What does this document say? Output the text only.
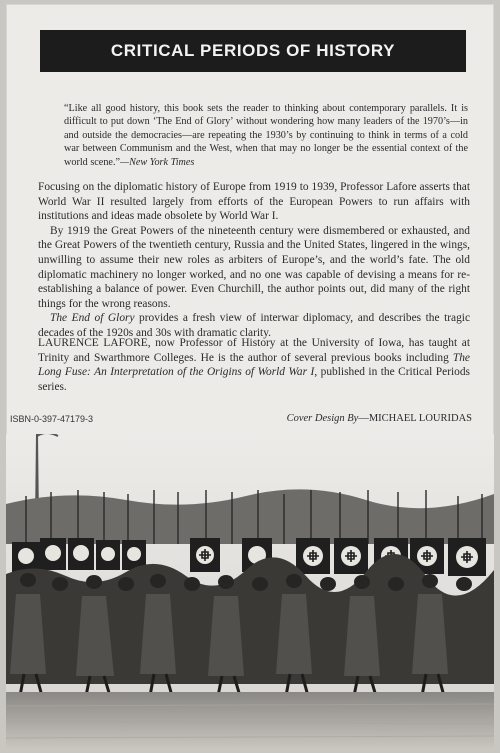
CRITICAL PERIODS OF HISTORY
“Like all good history, this book sets the reader to thinking about contemporary parallels. It is difficult to put down ‘The End of Glory’ without wondering how many leaders of the 1970’s—in and outside the democracies—are repeating the 1930’s by continuing to think in terms of a cold war between Communism and the West, when that may no longer be the essential context of the world scene.”—New York Times

Focusing on the diplomatic history of Europe from 1919 to 1939, Professor Lafore asserts that World War II resulted largely from efforts of the European Powers to run affairs with institutions and ideas made obsolete by World War I.

By 1919 the Great Powers of the nineteenth century were dismembered or exhausted, and the Great Powers of the twentieth century, Russia and the United States, lingered in the wings, unwilling to assume their new roles as arbiters of Europe’s, and the world’s fate. The old diplomatic machinery no longer worked, and no one was capable of devising a means for re-establishing a balance of power. Even Churchill, the author points out, did many of the right things for the wrong reasons.

The End of Glory provides a fresh view of interwar diplomacy, and describes the tragic decades of the 1920s and 30s with dramatic clarity.

LAURENCE LAFORE, now Professor of History at the University of Iowa, has taught at Trinity and Swarthmore Colleges. He is the author of several previous books including The Long Fuse: An Interpretation of the Origins of World War I, published in the Critical Periods series.

ISBN-0-397-47179-3	Cover Design By—MICHAEL LOURIDAS
